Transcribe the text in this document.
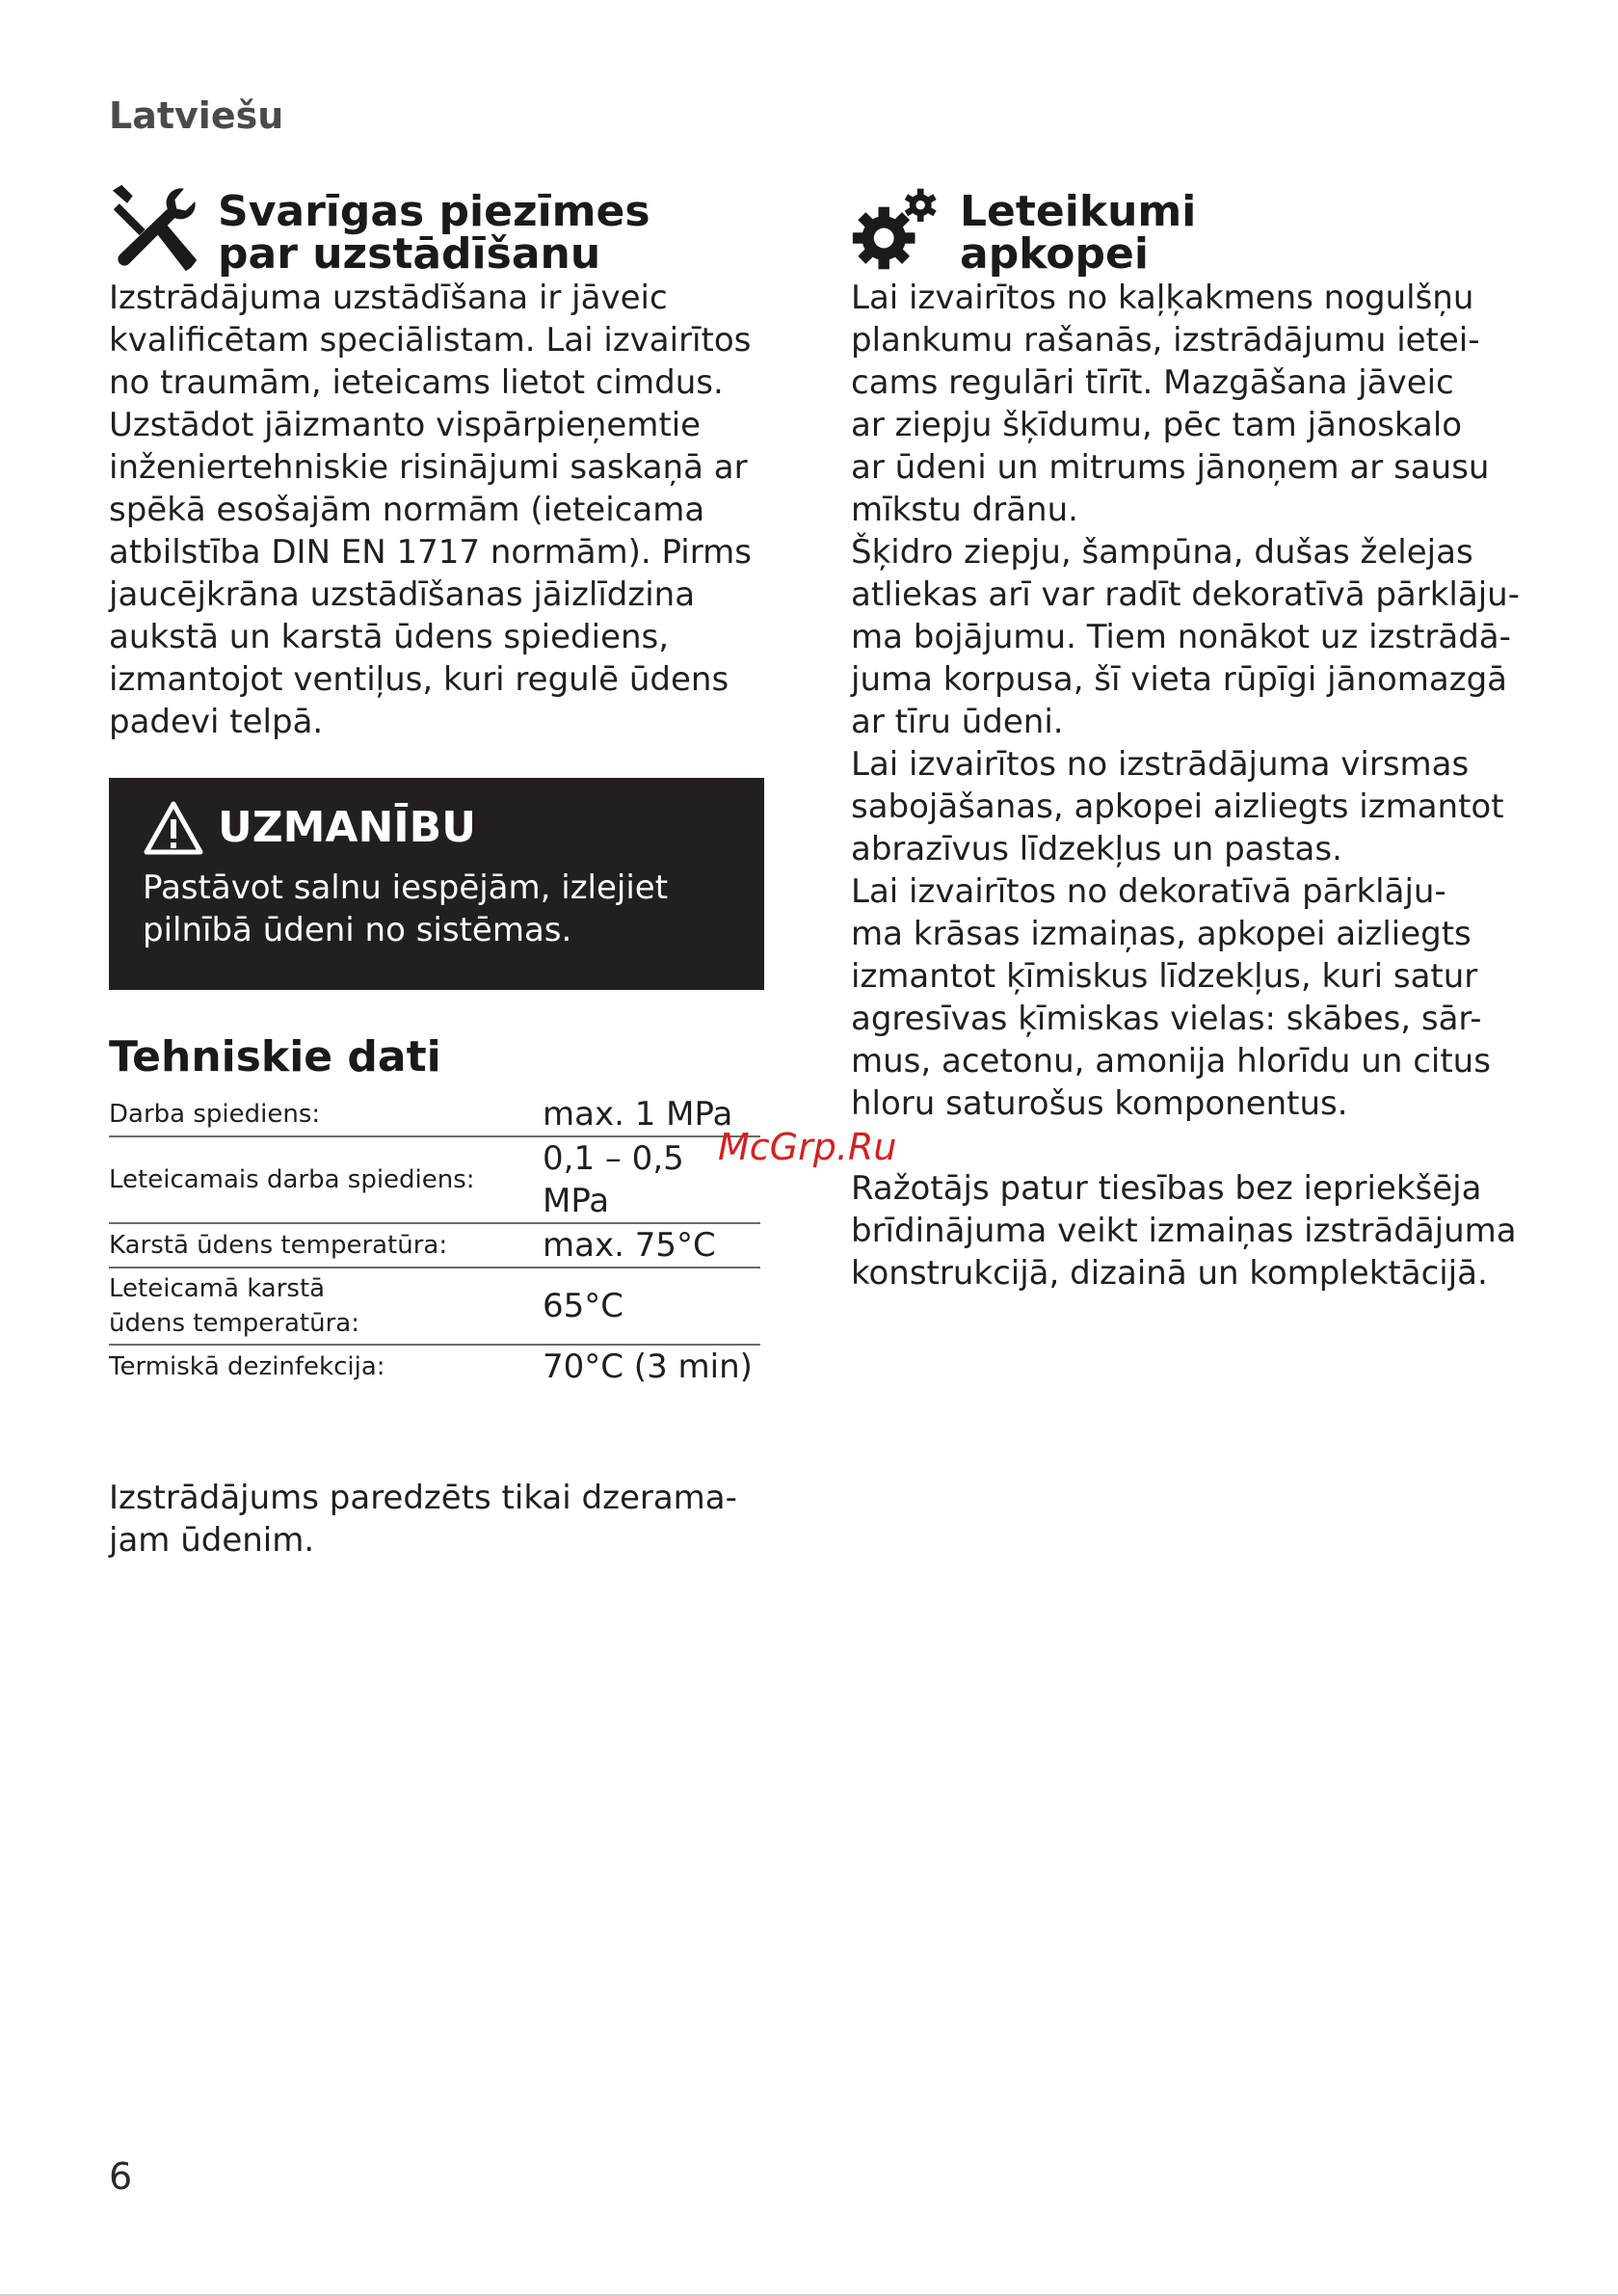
Latviešu
Svarīgas piezīmes
par uzstādīšanu
Izstrādājuma uzstādīšana ir jāveic
kvalificētam speciālistam. Lai izvairītos
no traumām, ieteicams lietot cimdus.
Uzstādot jāizmanto vispārpieņemtie
inženiertehniskie risinājumi saskaņā ar
spēkā esošajām normām (ieteicama
atbilstība DIN EN 1717 normām). Pirms
jaucējkrāna uzstādīšanas jāizlīdzina
aukstā un karstā ūdens spiediens,
izmantojot ventiļus, kuri regulē ūdens
padevi telpā.
UZMANĪBU
Pastāvot salnu iespējām, izlejiet
pilnībā ūdeni no sistēmas.
Tehniskie dati
Darba spiediens:	max. 1 MPa
Leteicamais darba spiediens:	0,1 – 0,5 MPa
Karstā ūdens temperatūra:	max. 75°C

Leteicamā karstā
ūdens temperatūra:	65°C
Termiskā dezinfekcija:	70°C (3 min)
Izstrādājums paredzēts tikai dzerama-
jam ūdenim.
Leteikumi
apkopei
Lai izvairītos no kaļķakmens nogulšņu
plankumu rašanās, izstrādājumu ietei-
cams regulāri tīrīt. Mazgāšana jāveic
ar ziepju šķīdumu, pēc tam jānoskalo
ar ūdeni un mitrums jānoņem ar sausu
mīkstu drānu.
Šķidro ziepju, šampūna, dušas želejas
atliekas arī var radīt dekoratīvā pārklāju-
ma bojājumu. Tiem nonākot uz izstrādā-
juma korpusa, šī vieta rūpīgi jānomazgā
ar tīru ūdeni.
Lai izvairītos no izstrādājuma virsmas
sabojāšanas, apkopei aizliegts izmantot
abrazīvus līdzekļus un pastas.
Lai izvairītos no dekoratīvā pārklāju-
ma krāsas izmaiņas, apkopei aizliegts
izmantot ķīmiskus līdzekļus, kuri satur
agresīvas ķīmiskas vielas: skābes, sār-
mus, acetonu, amonija hlorīdu un citus
hloru saturošus komponentus.
Ražotājs patur tiesības bez iepriekšēja
brīdinājuma veikt izmaiņas izstrādājuma
konstrukcijā, dizainā un komplektācijā.
McGrp.Ru
6
